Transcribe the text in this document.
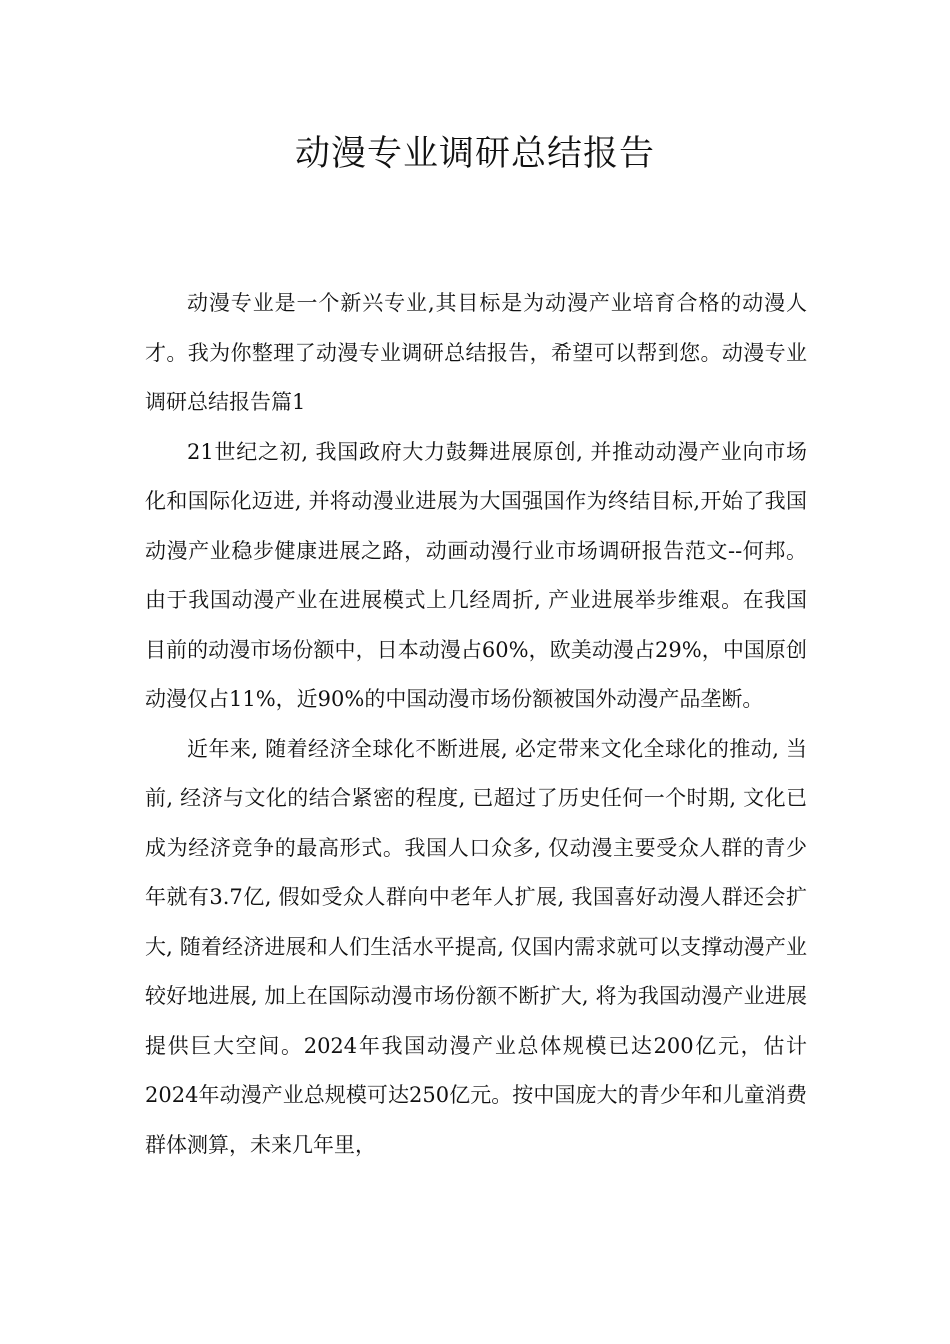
动漫专业调研总结报告

动漫专业是一个新兴专业,其目标是为动漫产业培育合格的动漫人才。我为你整理了动漫专业调研总结报告，希望可以帮到您。动漫专业调研总结报告篇1

21世纪之初, 我国政府大力鼓舞进展原创, 并推动动漫产业向市场化和国际化迈进, 并将动漫业进展为大国强国作为终结目标,开始了我国动漫产业稳步健康进展之路，动画动漫行业市场调研报告范文--何邦。由于我国动漫产业在进展模式上几经周折, 产业进展举步维艰。在我国目前的动漫市场份额中，日本动漫占60%，欧美动漫占29%，中国原创动漫仅占11%，近90%的中国动漫市场份额被国外动漫产品垄断。

近年来, 随着经济全球化不断进展, 必定带来文化全球化的推动, 当前, 经济与文化的结合紧密的程度, 已超过了历史任何一个时期, 文化已成为经济竞争的最高形式。我国人口众多, 仅动漫主要受众人群的青少年就有3.7亿, 假如受众人群向中老年人扩展, 我国喜好动漫人群还会扩大, 随着经济进展和人们生活水平提高, 仅国内需求就可以支撑动漫产业较好地进展, 加上在国际动漫市场份额不断扩大, 将为我国动漫产业进展提供巨大空间。2024年我国动漫产业总体规模已达200亿元，估计2024年动漫产业总规模可达250亿元。按中国庞大的青少年和儿童消费群体测算，未来几年里，
